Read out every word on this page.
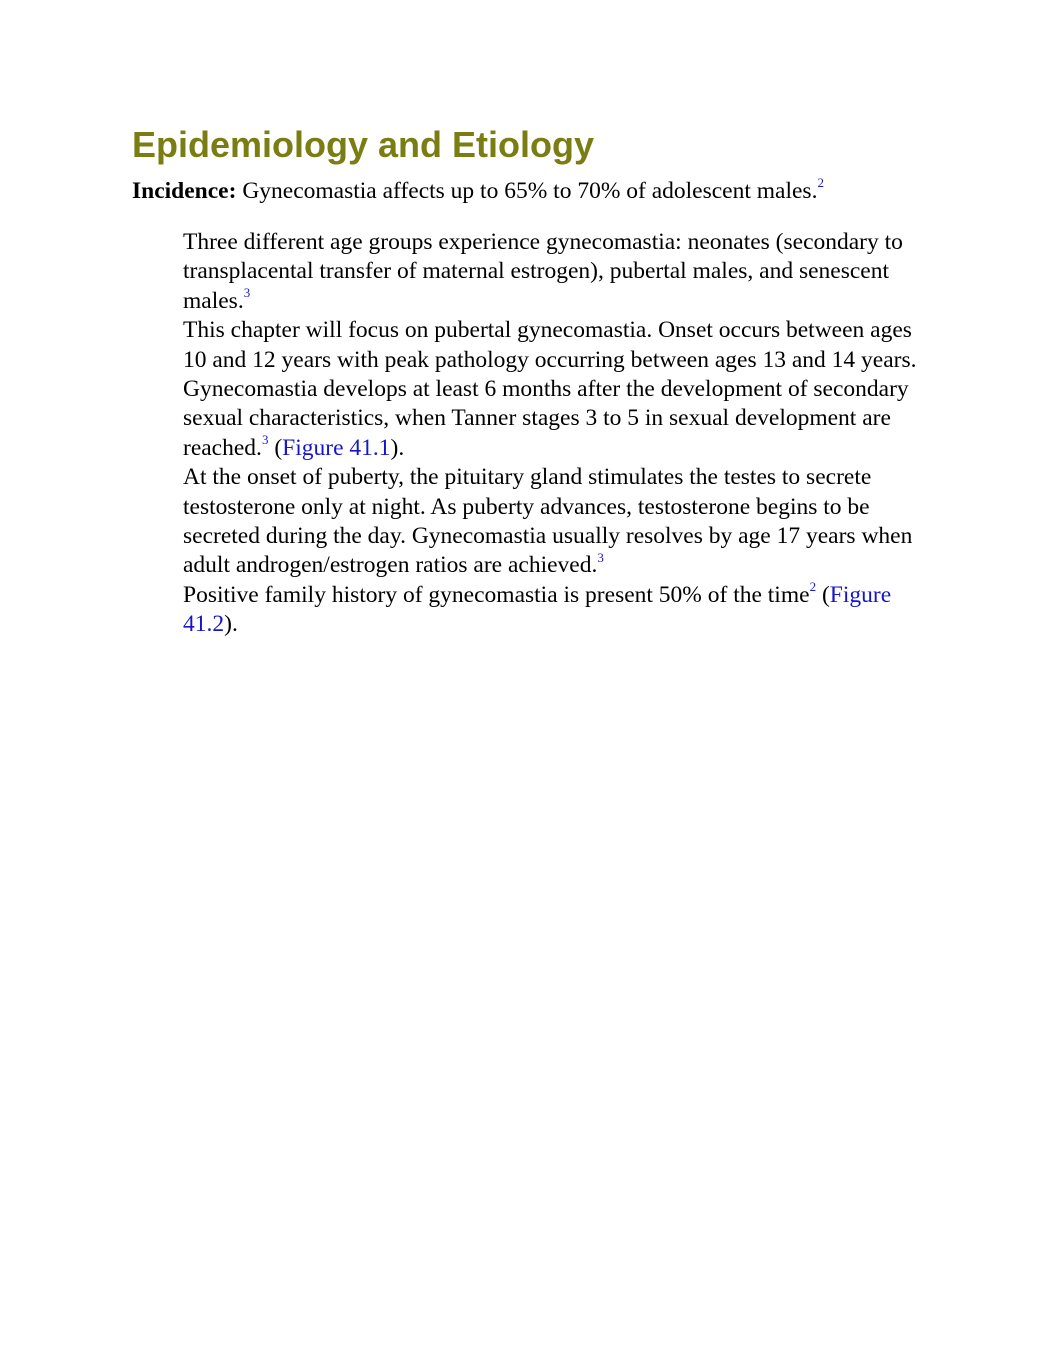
Epidemiology and Etiology

Incidence: Gynecomastia affects up to 65% to 70% of adolescent males.$^2$

Three different age groups experience gynecomastia: neonates (secondary to transplacental transfer of maternal estrogen), pubertal males, and senescent males.$^3$

This chapter will focus on pubertal gynecomastia. Onset occurs between ages 10 and 12 years with peak pathology occurring between ages 13 and 14 years. Gynecomastia develops at least 6 months after the development of secondary sexual characteristics, when Tanner stages 3 to 5 in sexual development are reached.$^3$ (Figure 41.1).

At the onset of puberty, the pituitary gland stimulates the testes to secrete testosterone only at night. As puberty advances, testosterone begins to be secreted during the day. Gynecomastia usually resolves by age 17 years when adult androgen/estrogen ratios are achieved.$^3$

Positive family history of gynecomastia is present 50% of the time$^2$ (Figure 41.2).
